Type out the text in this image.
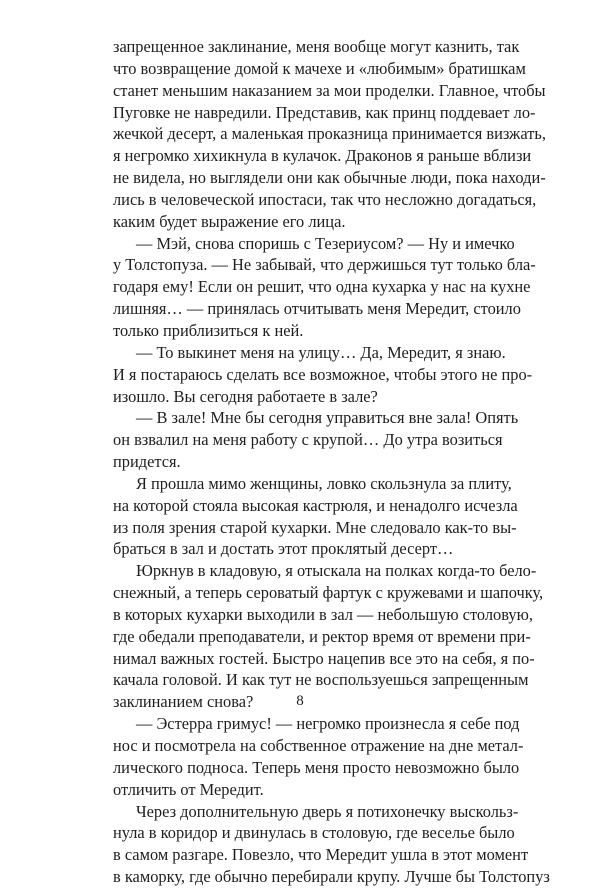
запрещенное заклинание, меня вообще могут казнить, так
что возвращение домой к мачехе и «любимым» братишкам
станет меньшим наказанием за мои проделки. Главное, чтобы
Пуговке не навредили. Представив, как принц поддевает ло-
жечкой десерт, а маленькая проказница принимается визжать,
я негромко хихикнула в кулачок. Драконов я раньше вблизи
не видела, но выглядели они как обычные люди, пока находи-
лись в человеческой ипостаси, так что несложно догадаться,
каким будет выражение его лица.
— Мэй, снова споришь с Тезериусом? — Ну и имечко
у Толстопуза. — Не забывай, что держишься тут только бла-
годаря ему! Если он решит, что одна кухарка у нас на кухне
лишняя… — принялась отчитывать меня Мередит, стоило
только приблизиться к ней.
— То выкинет меня на улицу… Да, Мередит, я знаю.
И я постараюсь сделать все возможное, чтобы этого не про-
изошло. Вы сегодня работаете в зале?
— В зале! Мне бы сегодня управиться вне зала! Опять
он взвалил на меня работу с крупой… До утра возиться
придется.
Я прошла мимо женщины, ловко скользнула за плиту,
на которой стояла высокая кастрюля, и ненадолго исчезла
из поля зрения старой кухарки. Мне следовало как-то вы-
браться в зал и достать этот проклятый десерт…
Юркнув в кладовую, я отыскала на полках когда-то бело-
снежный, а теперь сероватый фартук с кружевами и шапочку,
в которых кухарки выходили в зал — небольшую столовую,
где обедали преподаватели, и ректор время от времени при-
нимал важных гостей. Быстро нацепив все это на себя, я по-
качала головой. И как тут не воспользуешься запрещенным
заклинанием снова?
— Эстерра гримус! — негромко произнесла я себе под
нос и посмотрела на собственное отражение на дне метал-
лического подноса. Теперь меня просто невозможно было
отличить от Мередит.
Через дополнительную дверь я потихонечку выскольз-
нула в коридор и двинулась в столовую, где веселье было
в самом разгаре. Повезло, что Мередит ушла в этот момент
в каморку, где обычно перебирали крупу. Лучше бы Толстопуз
8
